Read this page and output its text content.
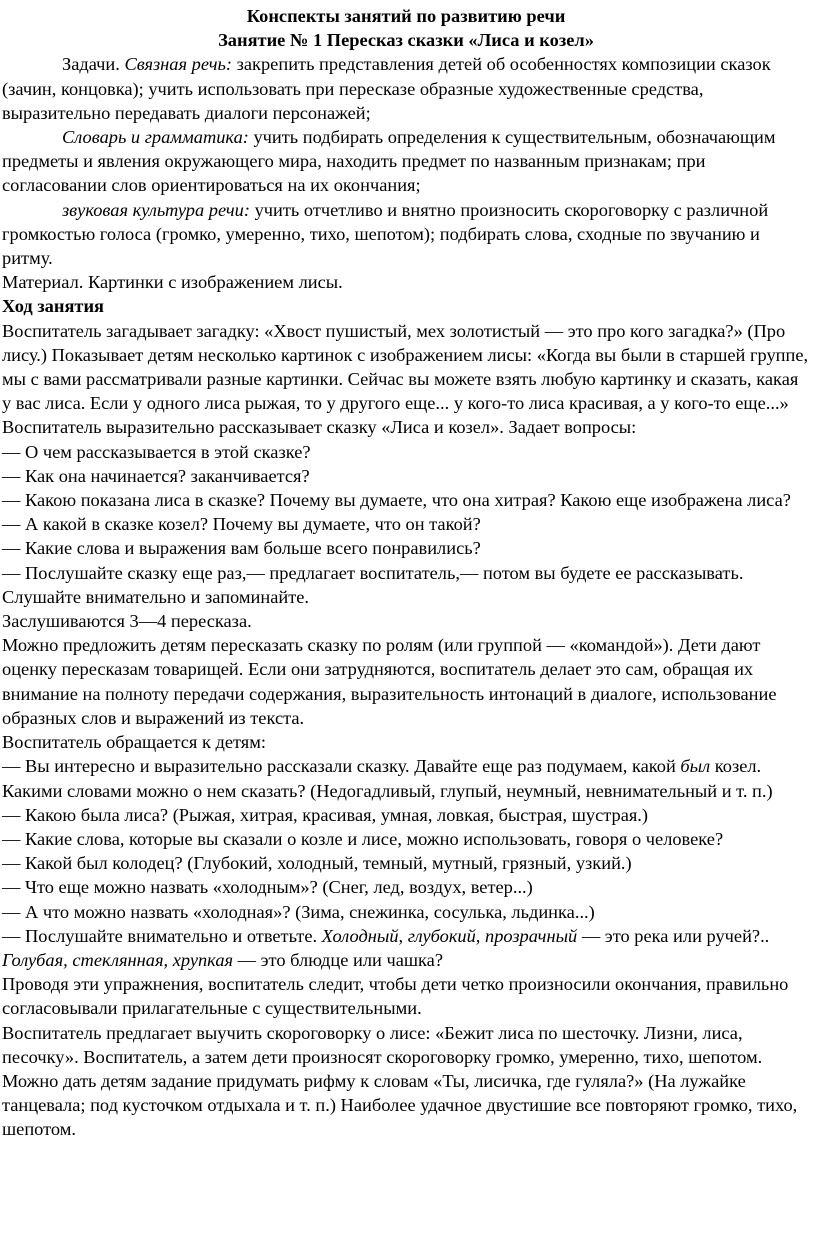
Конспекты занятий по развитию речи

Занятие № 1 Пересказ сказки «Лиса и козел»

Задачи. Связная речь: закрепить представления детей об особенностях композиции сказок (зачин, концовка); учить использовать при пересказе образные художественные средства, выразительно передавать диалоги персонажей;

Словарь и грамматика: учить подбирать определения к существительным, обозначающим предметы и явления окружающего мира, находить предмет по названным признакам; при согласовании слов ориентироваться на их окончания;

звуковая культура речи: учить отчетливо и внятно произносить скороговорку с различной громкостью голоса (громко, умеренно, тихо, шепотом); подбирать слова, сходные по звучанию и ритму.

Материал. Картинки с изображением лисы.

Ход занятия

Воспитатель загадывает загадку: «Хвост пушистый, мех золотистый — это про кого загадка?» (Про лису.) Показывает детям несколько картинок с изображением лисы: «Когда вы были в старшей группе, мы с вами рассматривали разные картинки. Сейчас вы можете взять любую картинку и сказать, какая у вас лиса. Если у одного лиса рыжая, то у другого еще... у кого-то лиса красивая, а у кого-то еще...»

Воспитатель выразительно рассказывает сказку «Лиса и козел». Задает вопросы:

— О чем рассказывается в этой сказке?

— Как она начинается? заканчивается?

— Какою показана лиса в сказке? Почему вы думаете, что она хитрая? Какою еще изображена лиса?

— А какой в сказке козел? Почему вы думаете, что он такой?

— Какие слова и выражения вам больше всего понравились?

— Послушайте сказку еще раз,— предлагает воспитатель,— потом вы будете ее рассказывать. Слушайте внимательно и запоминайте.

Заслушиваются 3—4 пересказа.

Можно предложить детям пересказать сказку по ролям (или группой — «командой»). Дети дают оценку пересказам товарищей. Если они затрудняются, воспитатель делает это сам, обращая их внимание на полноту передачи содержания, выразительность интонаций в диалоге, использование образных слов и выражений из текста.

Воспитатель обращается к детям:

— Вы интересно и выразительно рассказали сказку. Давайте еще раз подумаем, какой был козел. Какими словами можно о нем сказать? (Недогадливый, глупый, неумный, невнимательный и т. п.)

— Какою была лиса? (Рыжая, хитрая, красивая, умная, ловкая, быстрая, шустрая.)

— Какие слова, которые вы сказали о козле и лисе, можно использовать, говоря о человеке?

— Какой был колодец? (Глубокий, холодный, темный, мутный, грязный, узкий.)

— Что еще можно назвать «холодным»? (Снег, лед, воздух, ветер...)

— А что можно назвать «холодная»? (Зима, снежинка, сосулька, льдинка...)

— Послушайте внимательно и ответьте. Холодный, глубокий, прозрачный — это река или ручей?.. Голубая, стеклянная, хрупкая — это блюдце или чашка?

Проводя эти упражнения, воспитатель следит, чтобы дети четко произносили окончания, правильно согласовывали прилагательные с существительными.

Воспитатель предлагает выучить скороговорку о лисе: «Бежит лиса по шесточку. Лизни, лиса, песочку». Воспитатель, а затем дети произносят скороговорку громко, умеренно, тихо, шепотом.

Можно дать детям задание придумать рифму к словам «Ты, лисичка, где гуляла?» (На лужайке танцевала; под кусточком отдыхала и т. п.) Наиболее удачное двустишие все повторяют громко, тихо, шепотом.
